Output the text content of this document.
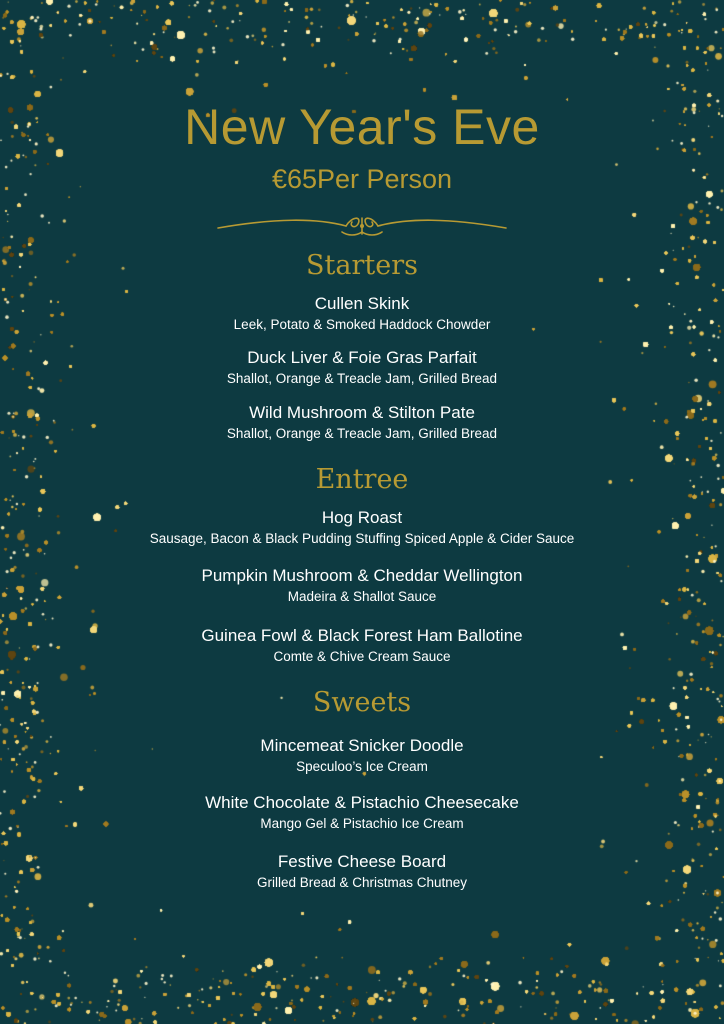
New Year's Eve
€65Per Person
Starters
Cullen Skink
Leek, Potato & Smoked Haddock Chowder
Duck Liver & Foie Gras Parfait
Shallot, Orange & Treacle Jam, Grilled Bread
Wild Mushroom & Stilton Pate
Shallot, Orange & Treacle Jam, Grilled Bread
Entree
Hog Roast
Sausage, Bacon & Black Pudding Stuffing Spiced Apple & Cider Sauce
Pumpkin Mushroom & Cheddar Wellington
Madeira & Shallot Sauce
Guinea Fowl & Black Forest Ham Ballotine
Comte & Chive Cream Sauce
Sweets
Mincemeat Snicker Doodle
Speculoo’s Ice Cream
White Chocolate & Pistachio Cheesecake
Mango Gel & Pistachio Ice Cream
Festive Cheese Board
Grilled Bread & Christmas Chutney
